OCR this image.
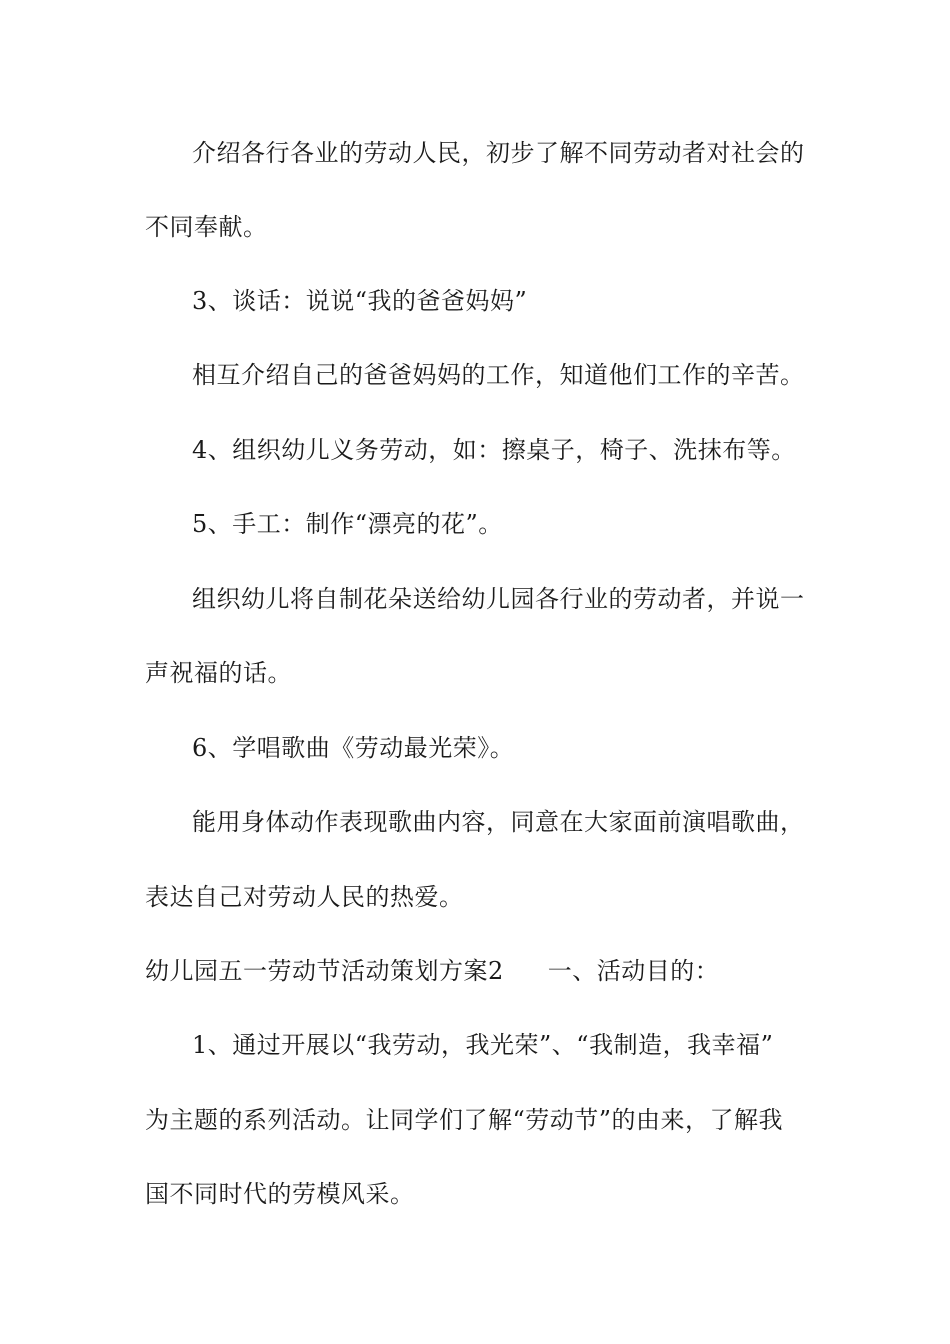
介绍各行各业的劳动人民，初步了解不同劳动者对社会的
不同奉献。
3、谈话：说说“我的爸爸妈妈”
相互介绍自己的爸爸妈妈的工作，知道他们工作的辛苦。
4、组织幼儿义务劳动，如：擦桌子，椅子、洗抹布等。
5、手工：制作“漂亮的花”。
组织幼儿将自制花朵送给幼儿园各行业的劳动者，并说一
声祝福的话。
6、学唱歌曲《劳动最光荣》。
能用身体动作表现歌曲内容，同意在大家面前演唱歌曲，
表达自己对劳动人民的热爱。
幼儿园五一劳动节活动策划方案2 一、活动目的：
1、通过开展以“我劳动，我光荣”、“我制造，我幸福”
为主题的系列活动。让同学们了解“劳动节”的由来，了解我
国不同时代的劳模风采。
